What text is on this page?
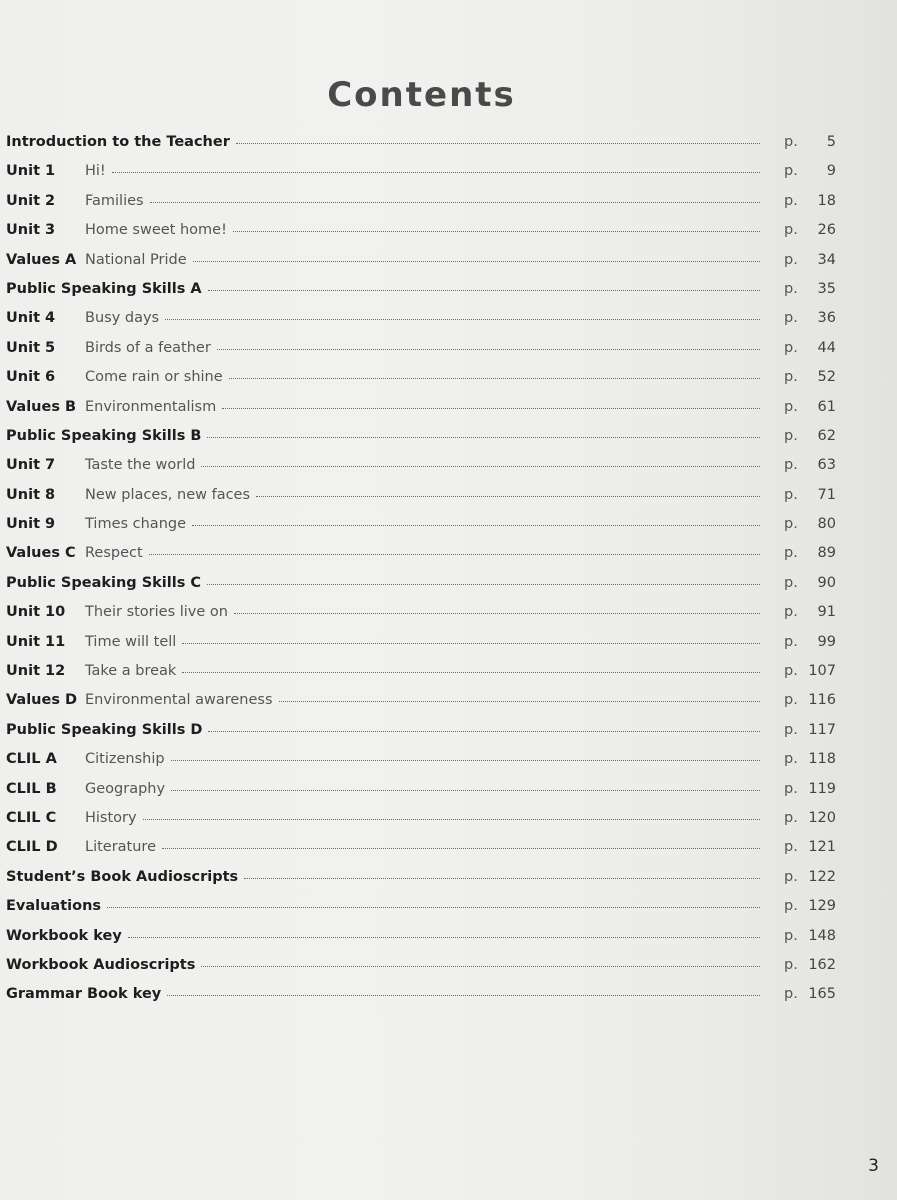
Contents
Introduction to the Teacher	p.	5
Unit 1	Hi!	p.	9
Unit 2	Families	p.	18
Unit 3	Home sweet home!	p.	26
Values A National Pride	p.	34
Public Speaking Skills A	p.	35
Unit 4	Busy days	p.	36
Unit 5	Birds of a feather	p.	44
Unit 6	Come rain or shine	p.	52
Values B Environmentalism	p.	61
Public Speaking Skills B	p.	62
Unit 7	Taste the world	p.	63
Unit 8	New places, new faces	p.	71
Unit 9	Times change	p.	80
Values C Respect	p.	89
Public Speaking Skills C	p.	90
Unit 10	Their stories live on	p.	91
Unit 11	Time will tell	p.	99
Unit 12	Take a break	p. 107
Values D Environmental awareness	p. 116
Public Speaking Skills D	p. 117
CLIL A	Citizenship	p. 118
CLIL B	Geography	p. 119
CLIL C	History	p. 120
CLIL D	Literature	p. 121
Student’s Book Audioscripts	p. 122
Evaluations	p. 129
Workbook key	p. 148
Workbook Audioscripts	p. 162
Grammar Book key	p. 165
3
